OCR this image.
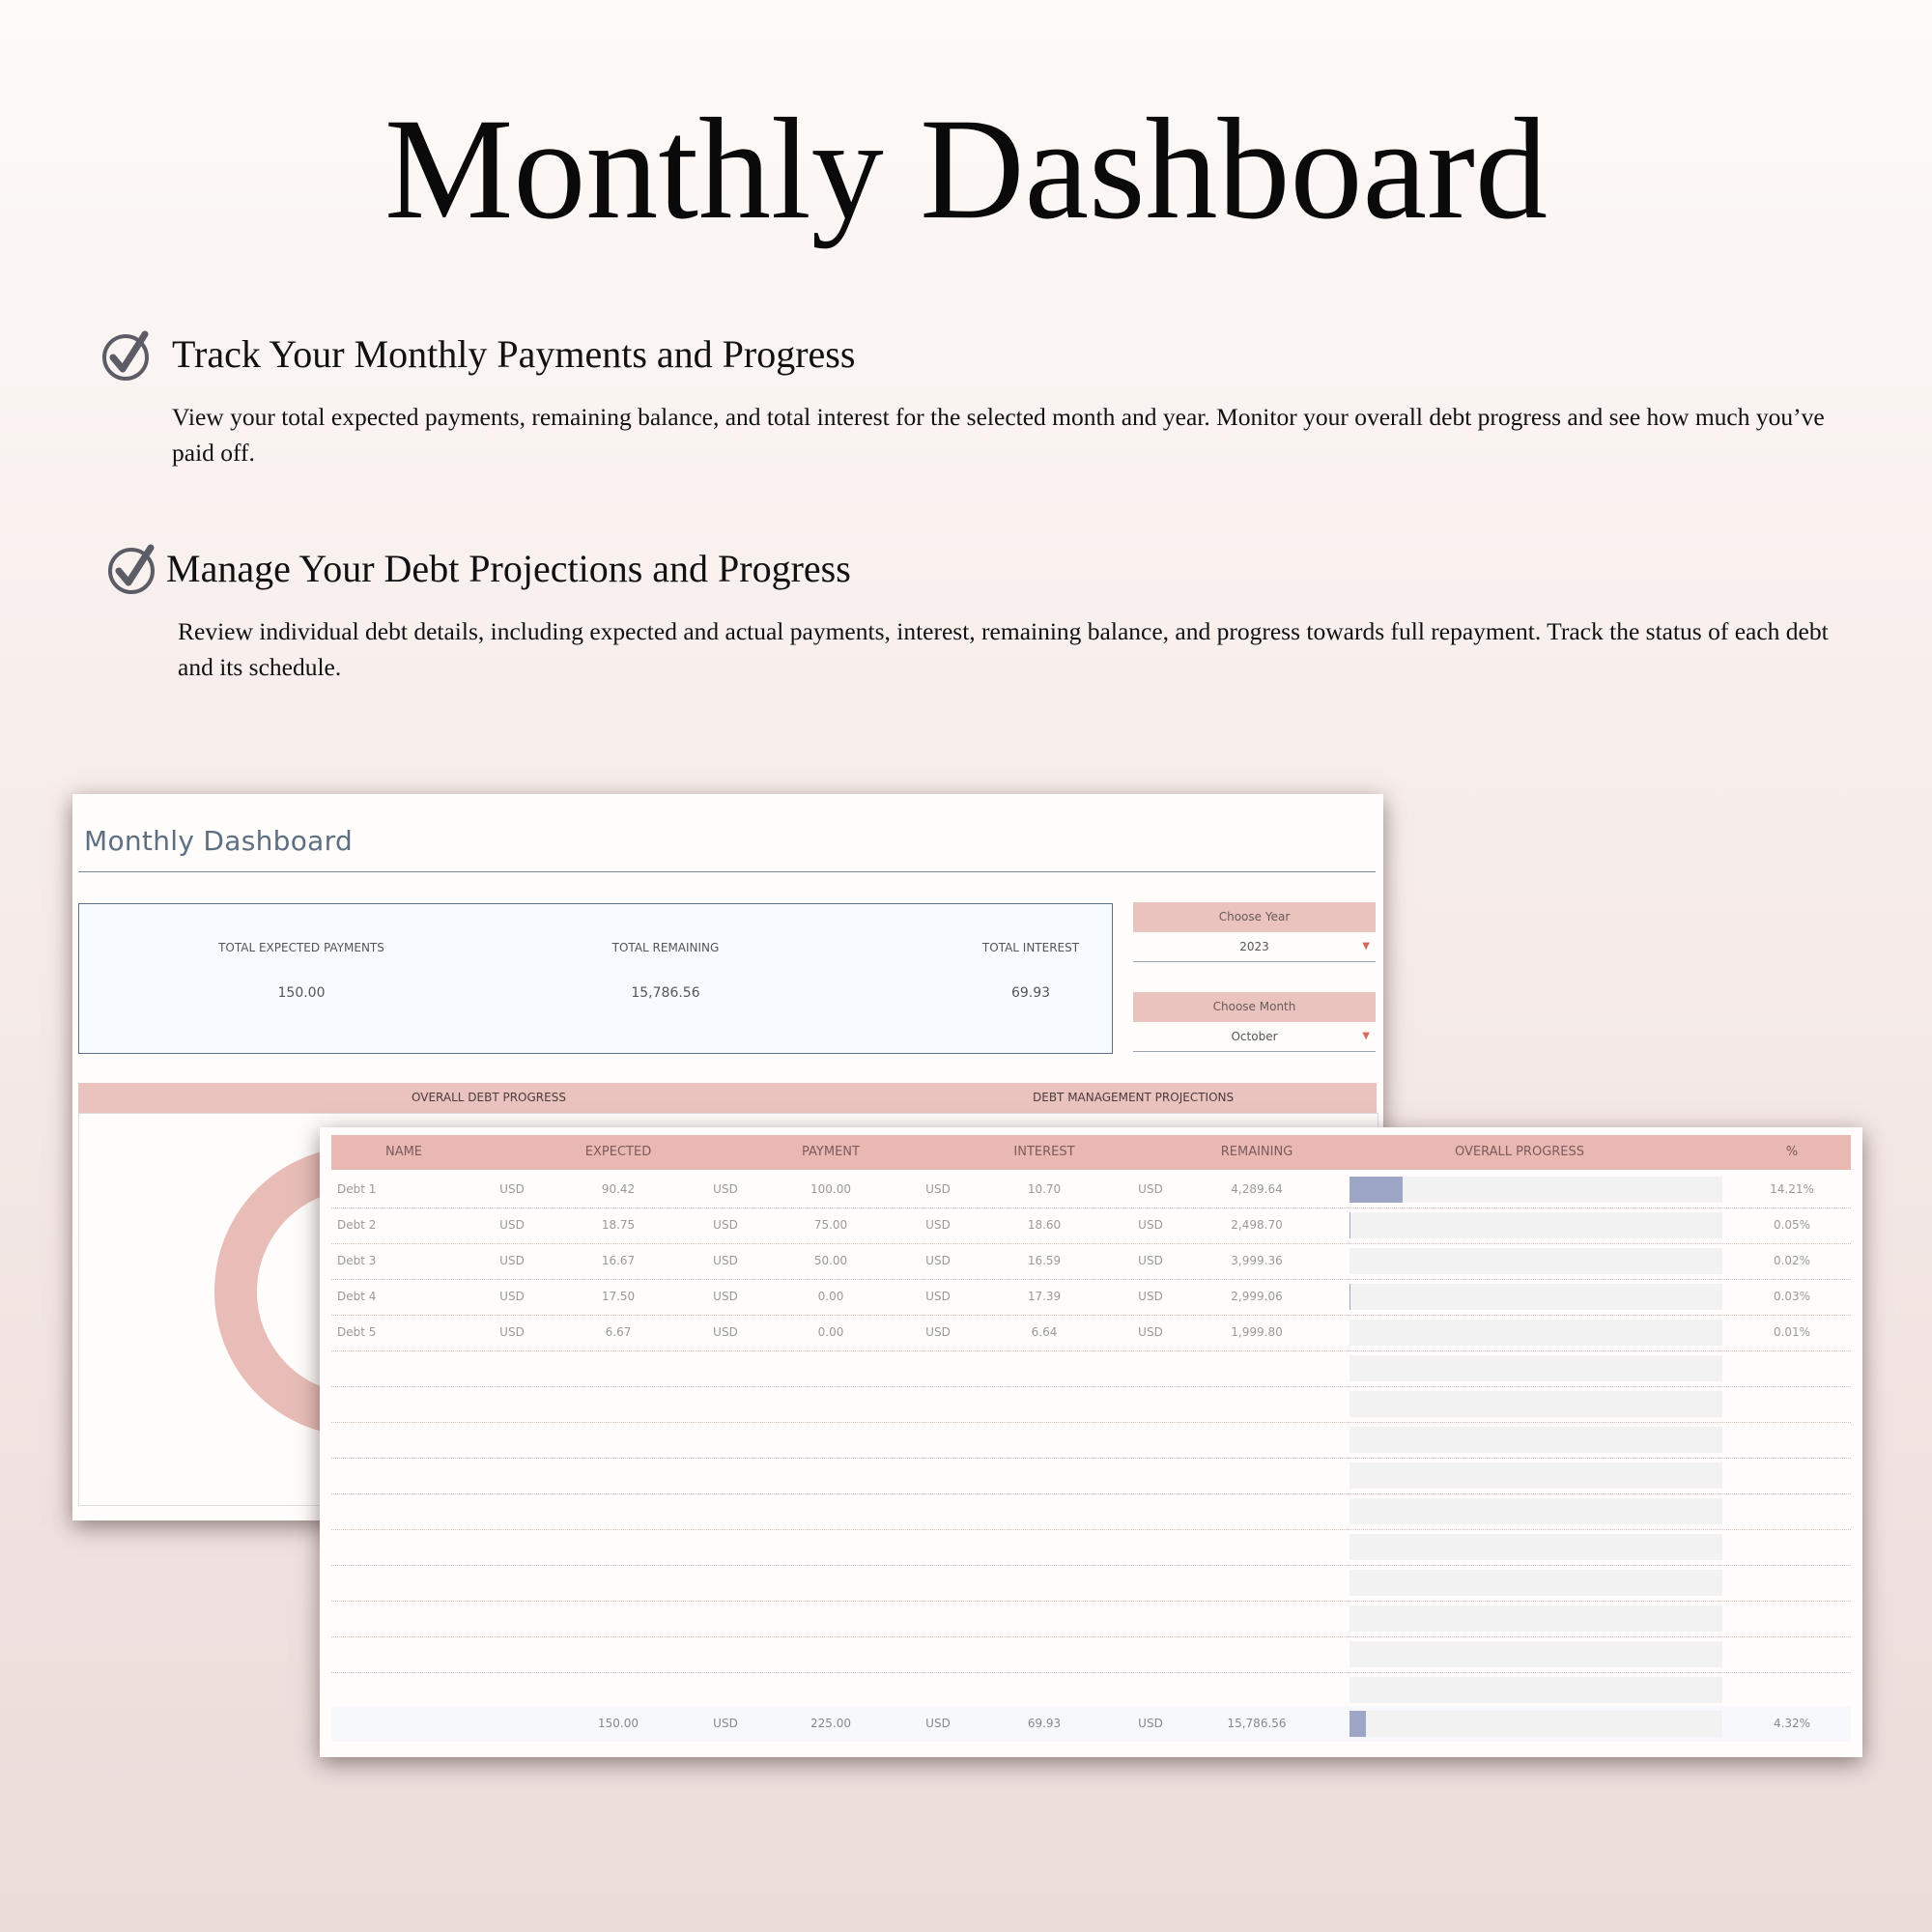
Monthly Dashboard
Track Your Monthly Payments and Progress

View your total expected payments, remaining balance, and total interest for the selected month and year. Monitor your overall debt progress and see how much you’ve paid off.

Manage Your Debt Projections and Progress

Review individual debt details, including expected and actual payments, interest, remaining balance, and progress towards full repayment. Track the status of each debt and its schedule.

Monthly Dashboard
TOTAL EXPECTED PAYMENTS
150.00
TOTAL REMAINING
15,786.56
TOTAL INTEREST
69.93
Choose Year
2023	▼
Choose Month
October	▼
OVERALL DEBT PROGRESS	DEBT MANAGEMENT PROJECTIONS
NAME	EXPECTED	PAYMENT	INTEREST	REMAINING	OVERALL PROGRESS	%
Debt 1	USD	90.42	USD	100.00	USD	10.70	USD	4,289.64	14.21%
Debt 2	USD	18.75	USD	75.00	USD	18.60	USD	2,498.70	0.05%
Debt 3	USD	16.67	USD	50.00	USD	16.59	USD	3,999.36	0.02%
Debt 4	USD	17.50	USD	0.00	USD	17.39	USD	2,999.06	0.03%
Debt 5	USD	6.67	USD	0.00	USD	6.64	USD	1,999.80	0.01%
150.00	USD	225.00	USD	69.93	USD	15,786.56	4.32%
